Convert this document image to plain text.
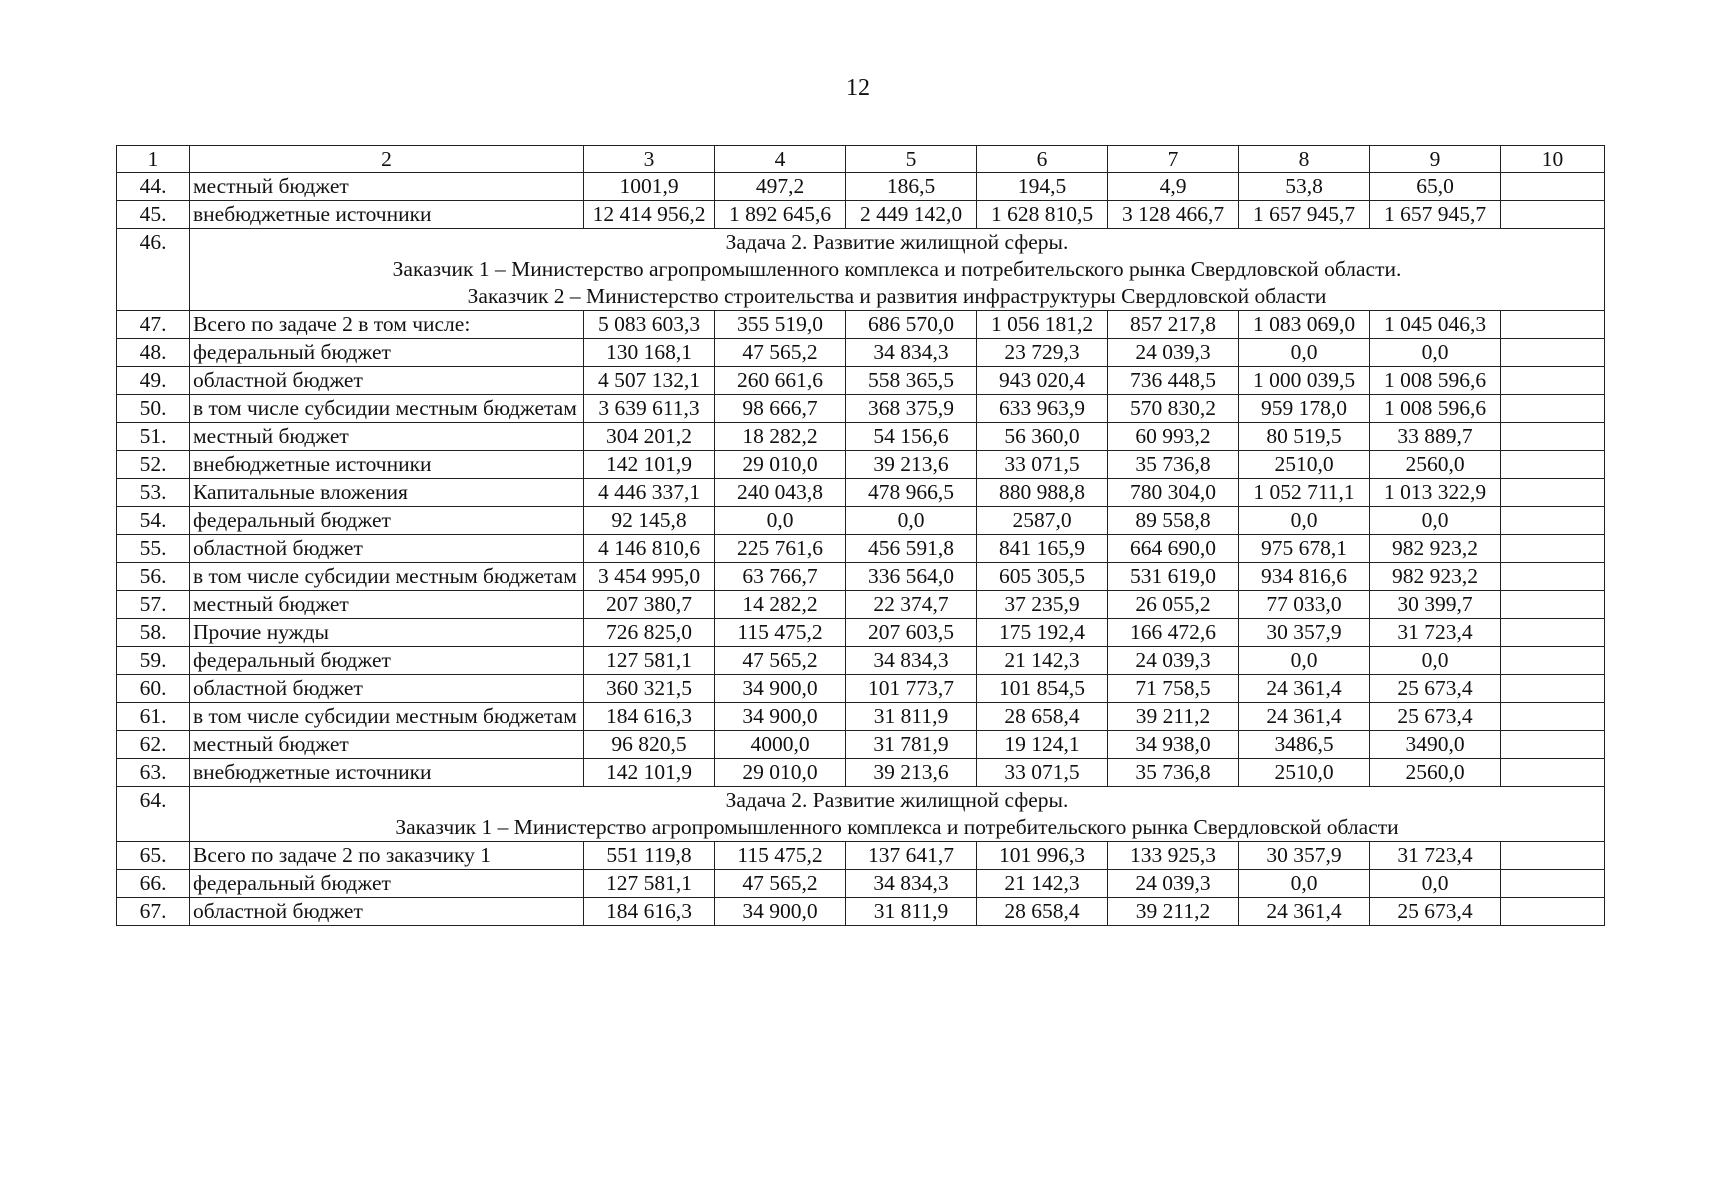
12
1	2	3	4	5	6	7	8	9	10
44.	местный бюджет	1001,9	497,2	186,5	194,5	4,9	53,8	65,0	
45.	внебюджетные источники	12 414 956,2	1 892 645,6	2 449 142,0	1 628 810,5	3 128 466,7	1 657 945,7	1 657 945,7	
46.	Задача 2. Развитие жилищной сферы.
Заказчик 1 – Министерство агропромышленного комплекса и потребительского рынка Свердловской области.
Заказчик 2 – Министерство строительства и развития инфраструктуры Свердловской области								

47.	Всего по задаче 2 в том числе:	5 083 603,3	355 519,0	686 570,0	1 056 181,2	857 217,8	1 083 069,0	1 045 046,3	
48.	федеральный бюджет	130 168,1	47 565,2	34 834,3	23 729,3	24 039,3	0,0	0,0	
49.	областной бюджет	4 507 132,1	260 661,6	558 365,5	943 020,4	736 448,5	1 000 039,5	1 008 596,6	
50.	в том числе субсидии местным бюджетам	3 639 611,3	98 666,7	368 375,9	633 963,9	570 830,2	959 178,0	1 008 596,6	
51.	местный бюджет	304 201,2	18 282,2	54 156,6	56 360,0	60 993,2	80 519,5	33 889,7	
52.	внебюджетные источники	142 101,9	29 010,0	39 213,6	33 071,5	35 736,8	2510,0	2560,0	
53.	Капитальные вложения	4 446 337,1	240 043,8	478 966,5	880 988,8	780 304,0	1 052 711,1	1 013 322,9	
54.	федеральный бюджет	92 145,8	0,0	0,0	2587,0	89 558,8	0,0	0,0	
55.	областной бюджет	4 146 810,6	225 761,6	456 591,8	841 165,9	664 690,0	975 678,1	982 923,2	
56.	в том числе субсидии местным бюджетам	3 454 995,0	63 766,7	336 564,0	605 305,5	531 619,0	934 816,6	982 923,2	
57.	местный бюджет	207 380,7	14 282,2	22 374,7	37 235,9	26 055,2	77 033,0	30 399,7	
58.	Прочие нужды	726 825,0	115 475,2	207 603,5	175 192,4	166 472,6	30 357,9	31 723,4	
59.	федеральный бюджет	127 581,1	47 565,2	34 834,3	21 142,3	24 039,3	0,0	0,0	
60.	областной бюджет	360 321,5	34 900,0	101 773,7	101 854,5	71 758,5	24 361,4	25 673,4	
61.	в том числе субсидии местным бюджетам	184 616,3	34 900,0	31 811,9	28 658,4	39 211,2	24 361,4	25 673,4	
62.	местный бюджет	96 820,5	4000,0	31 781,9	19 124,1	34 938,0	3486,5	3490,0	
63.	внебюджетные источники	142 101,9	29 010,0	39 213,6	33 071,5	35 736,8	2510,0	2560,0	
64.	Задача 2. Развитие жилищной сферы.
Заказчик 1 – Министерство агропромышленного комплекса и потребительского рынка Свердловской области								

65.	Всего по задаче 2 по заказчику 1	551 119,8	115 475,2	137 641,7	101 996,3	133 925,3	30 357,9	31 723,4	
66.	федеральный бюджет	127 581,1	47 565,2	34 834,3	21 142,3	24 039,3	0,0	0,0	
67.	областной бюджет	184 616,3	34 900,0	31 811,9	28 658,4	39 211,2	24 361,4	25 673,4	
